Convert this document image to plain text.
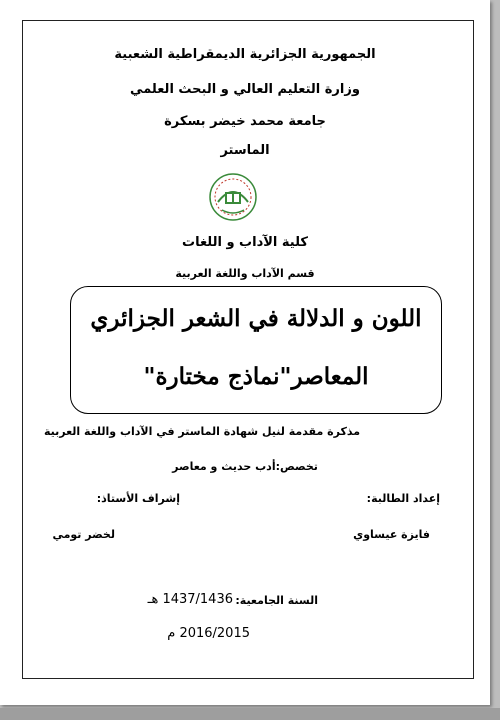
الجمهورية الجزائرية الديمقراطية الشعبية
وزارة التعليم العالي و البحث العلمي
جامعة محمد خيضر بسكرة
الماستر
كلية الآداب و اللغات
قسم الآداب واللغة العربية
اللون و الدلالة في الشعر الجزائري
المعاصر"نماذج مختارة"
مذكرة مقدمة لنيل شهادة الماستر في الآداب واللغة العربية
تخصص:أدب حديث و معاصر
إعداد الطالبة:
إشراف الأستاذ:
فايزة عيساوي
لخضر تومي
السنة الجامعية:
1437/1436 هـ
2016/2015 م
